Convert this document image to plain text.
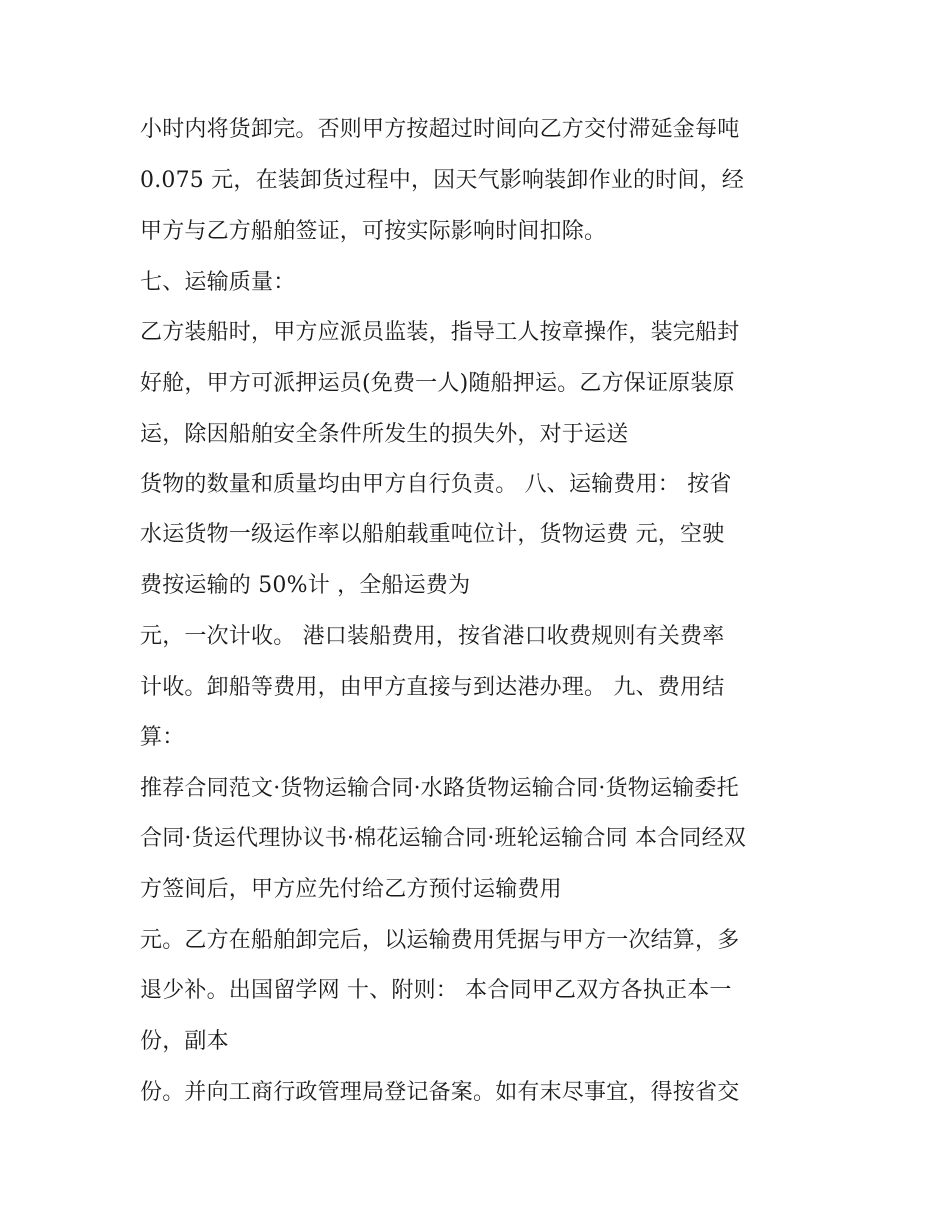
小时内将货卸完。否则甲方按超过时间向乙方交付滞延金每吨
0.075 元，在装卸货过程中，因天气影响装卸作业的时间，经
甲方与乙方船舶签证，可按实际影响时间扣除。
七、运输质量：
乙方装船时，甲方应派员监装，指导工人按章操作，装完船封
好舱，甲方可派押运员(免费一人)随船押运。乙方保证原装原
运，除因船舶安全条件所发生的损失外，对于运送
货物的数量和质量均由甲方自行负责。 八、运输费用： 按省
水运货物一级运作率以船舶载重吨位计，货物运费 元，空驶
费按运输的 50%计 ，全船运费为
元，一次计收。 港口装船费用，按省港口收费规则有关费率
计收。卸船等费用，由甲方直接与到达港办理。 九、费用结
算：
推荐合同范文·货物运输合同·水路货物运输合同·货物运输委托
合同·货运代理协议书·棉花运输合同·班轮运输合同 本合同经双
方签间后，甲方应先付给乙方预付运输费用
元。乙方在船舶卸完后，以运输费用凭据与甲方一次结算，多
退少补。出国留学网 十、附则： 本合同甲乙双方各执正本一
份，副本
份。并向工商行政管理局登记备案。如有末尽事宜，得按省交
